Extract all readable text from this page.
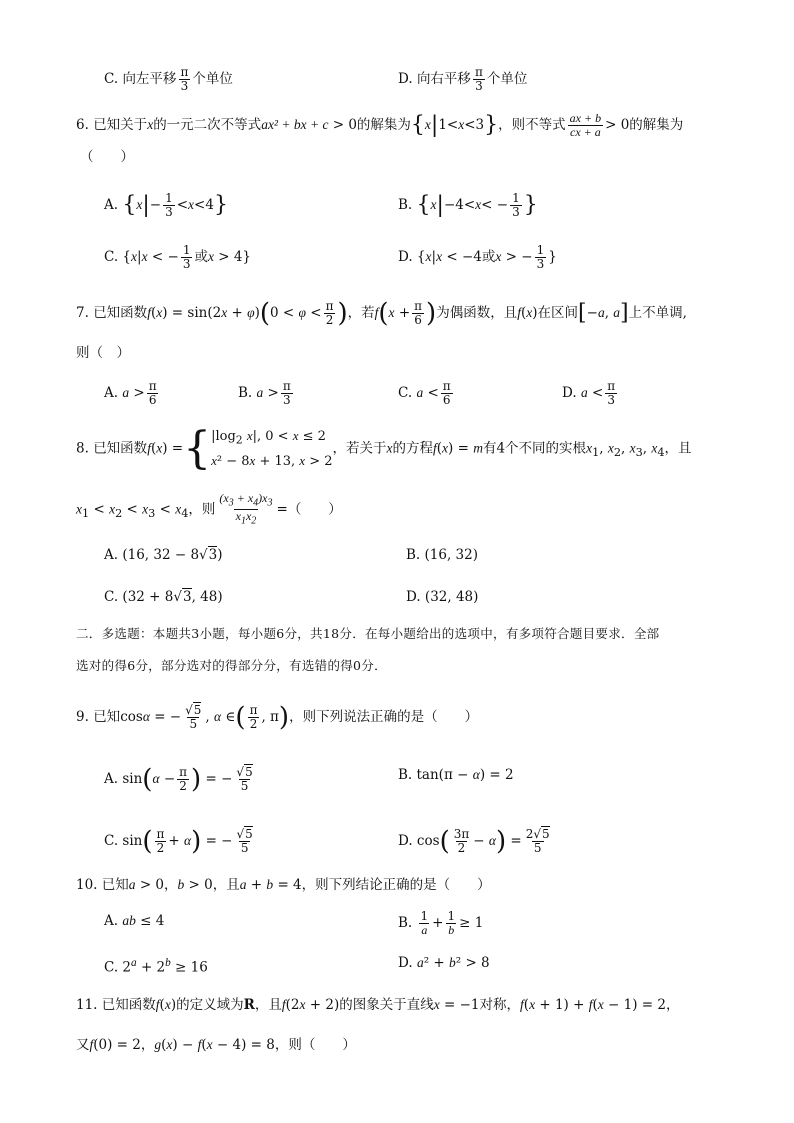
C. 向左平移 $\frac{\pi}{3}$ 个单位	D. 向右平移 $\frac{\pi}{3}$ 个单位
6. 已知关于x的一元二次不等式ax² + bx + c > 0的解集为{x|1<x<3}，则不等式 $\frac{ax + b}{cx + a} > 0$的解集为
（　　）
A. $\{x|- \frac{1}{3} <x<4\}$	B. {$x|-4<x< - \frac{1}{3}$ }
C. {x|x < − $\frac{1}{3}$ 或x > 4}	D. {x|x < −4或x > − $\frac{1}{3}$ }
7. 已知函数$f(x) = \sin(2x + \varphi)(0 < \varphi < \frac{\pi}{2}$ )，若$f(x + \frac{\pi}{6}$ )为偶函数，且f(x)在区间[−a, a]上不单调,
则（　）
A. $a > \frac{\pi}{6}$	B. $a > \frac{\pi}{3}$	C. $a < \frac{\pi}{6}$	D. $a < \frac{\pi}{3}$
8. 已知函数f(x) ={ $|\log_2$ x|, 0 < x ≤ 2
x² − 8x + 13, x > 2
，若关于x的方程f(x) = m有4个不同的实根$x_1$, $x_2$, $x_3$, $x_4$，且
$x_1 < x_2 < x_3 < x_4$，则 $\frac{(x_3 + x_4)x_3}{x_1x_2}$ =（　　）
A. (16, 32 − 8√3)	B. (16, 32)
C. (32 + 8√3, 48)	D. (32, 48)
二．多选题：本题共3小题，每小题6分，共18分．在每小题给出的选项中，有多项符合题目要求．全部
选对的得6分，部分选对的得部分分，有选错的得0分．
9. 已知cosα = − $\frac{√5}{5}$ , α ∈( $\frac{\pi}{2}$ , π)，则下列说法正确的是（　　）
A. $\sin(\alpha - \frac{\pi}{2}$ ) = − $\frac{√5}{5}$	B. tan(π − α) = 2
C. $\sin( \frac{\pi}{2} + \alpha)$ = − $\frac{√5}{5}$	D. $\cos( \frac{3\pi}{2} - \alpha) = \frac{2√5}{5}$
10. 已知a > 0，b > 0，且a + b = 4，则下列结论正确的是（　　）
A. ab ≤ 4	B. $\frac{1}{a} + \frac{1}{b} \ge 1$
C. $2^a + 2^b \ge 16$	D. a² + b² > 8
11. 已知函数f(x)的定义域为R，且f(2x + 2)的图象关于直线x = −1对称，f(x + 1) + f(x − 1) = 2，
又f(0) = 2，g(x) − f(x − 4) = 8，则（　　）
